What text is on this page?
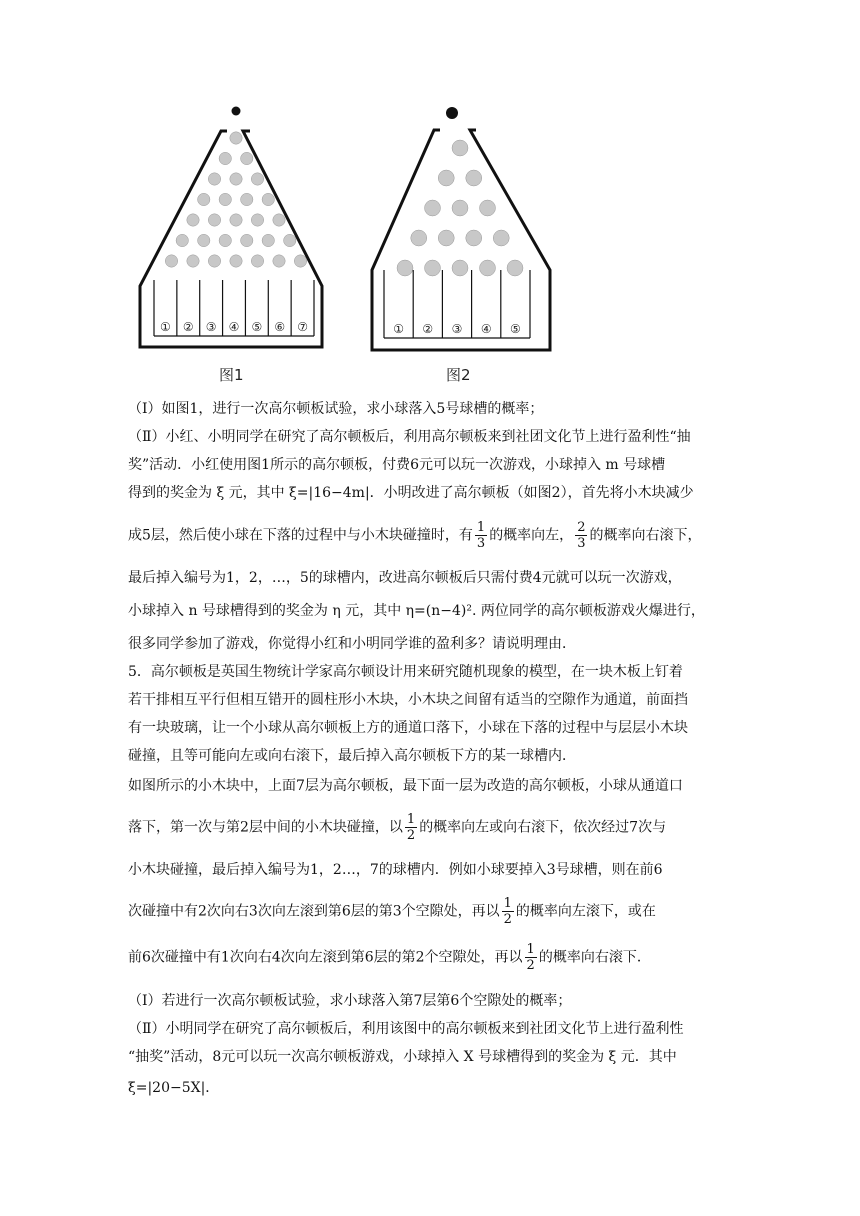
① ② ③ ④ ⑤ ⑥ ⑦
图1
① ② ③ ④ ⑤
图2
（Ⅰ）如图1，进行一次高尔顿板试验，求小球落入5号球槽的概率；
（Ⅱ）小红、小明同学在研究了高尔顿板后，利用高尔顿板来到社团文化节上进行盈利性“抽
奖”活动．小红使用图1所示的高尔顿板，付费6元可以玩一次游戏，小球掉入 m 号球槽
得到的奖金为 ξ 元，其中 ξ=|16−4m|．小明改进了高尔顿板（如图2），首先将小木块减少
成5层，然后使小球在下落的过程中与小木块碰撞时，有 $\frac{1}{3}$ 的概率向左， $\frac{2}{3}$ 的概率向右滚下，
最后掉入编号为1，2，…，5的球槽内，改进高尔顿板后只需付费4元就可以玩一次游戏，
小球掉入 n 号球槽得到的奖金为 η 元，其中 η=(n−4)². 两位同学的高尔顿板游戏火爆进行，
很多同学参加了游戏，你觉得小红和小明同学谁的盈利多？请说明理由．
5．高尔顿板是英国生物统计学家高尔顿设计用来研究随机现象的模型，在一块木板上钉着
若干排相互平行但相互错开的圆柱形小木块，小木块之间留有适当的空隙作为通道，前面挡
有一块玻璃，让一个小球从高尔顿板上方的通道口落下，小球在下落的过程中与层层小木块
碰撞，且等可能向左或向右滚下，最后掉入高尔顿板下方的某一球槽内．
如图所示的小木块中，上面7层为高尔顿板，最下面一层为改造的高尔顿板，小球从通道口
落下，第一次与第2层中间的小木块碰撞，以 $\frac{1}{2}$ 的概率向左或向右滚下，依次经过7次与
小木块碰撞，最后掉入编号为1，2…，7的球槽内．例如小球要掉入3号球槽，则在前6
次碰撞中有2次向右3次向左滚到第6层的第3个空隙处，再以 $\frac{1}{2}$ 的概率向左滚下，或在
前6次碰撞中有1次向右4次向左滚到第6层的第2个空隙处，再以 $\frac{1}{2}$ 的概率向右滚下．
（Ⅰ）若进行一次高尔顿板试验，求小球落入第7层第6个空隙处的概率；
（Ⅱ）小明同学在研究了高尔顿板后，利用该图中的高尔顿板来到社团文化节上进行盈利性
“抽奖”活动，8元可以玩一次高尔顿板游戏，小球掉入 X 号球槽得到的奖金为 ξ 元．其中
ξ=|20−5X|．
